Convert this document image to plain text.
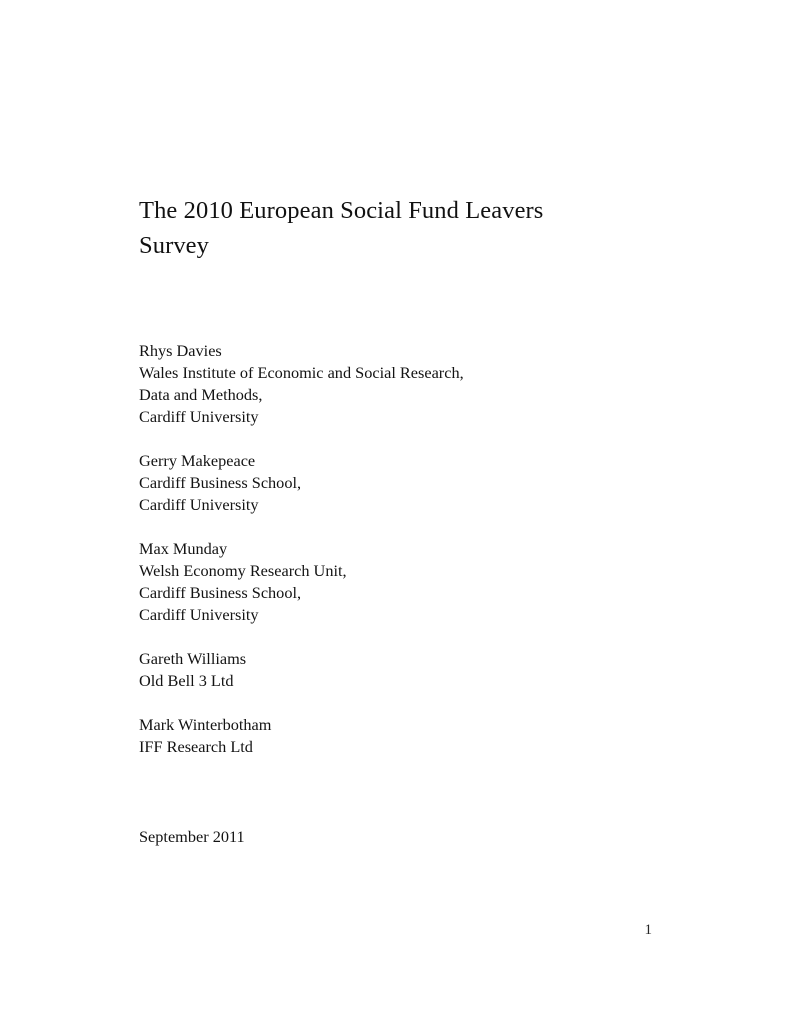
The 2010 European Social Fund Leavers Survey
Rhys Davies
Wales Institute of Economic and Social Research,
Data and Methods,
Cardiff University
Gerry Makepeace
Cardiff Business School,
Cardiff University
Max Munday
Welsh Economy Research Unit,
Cardiff Business School,
Cardiff University
Gareth Williams
Old Bell 3 Ltd
Mark Winterbotham
IFF Research Ltd
September 2011
1
